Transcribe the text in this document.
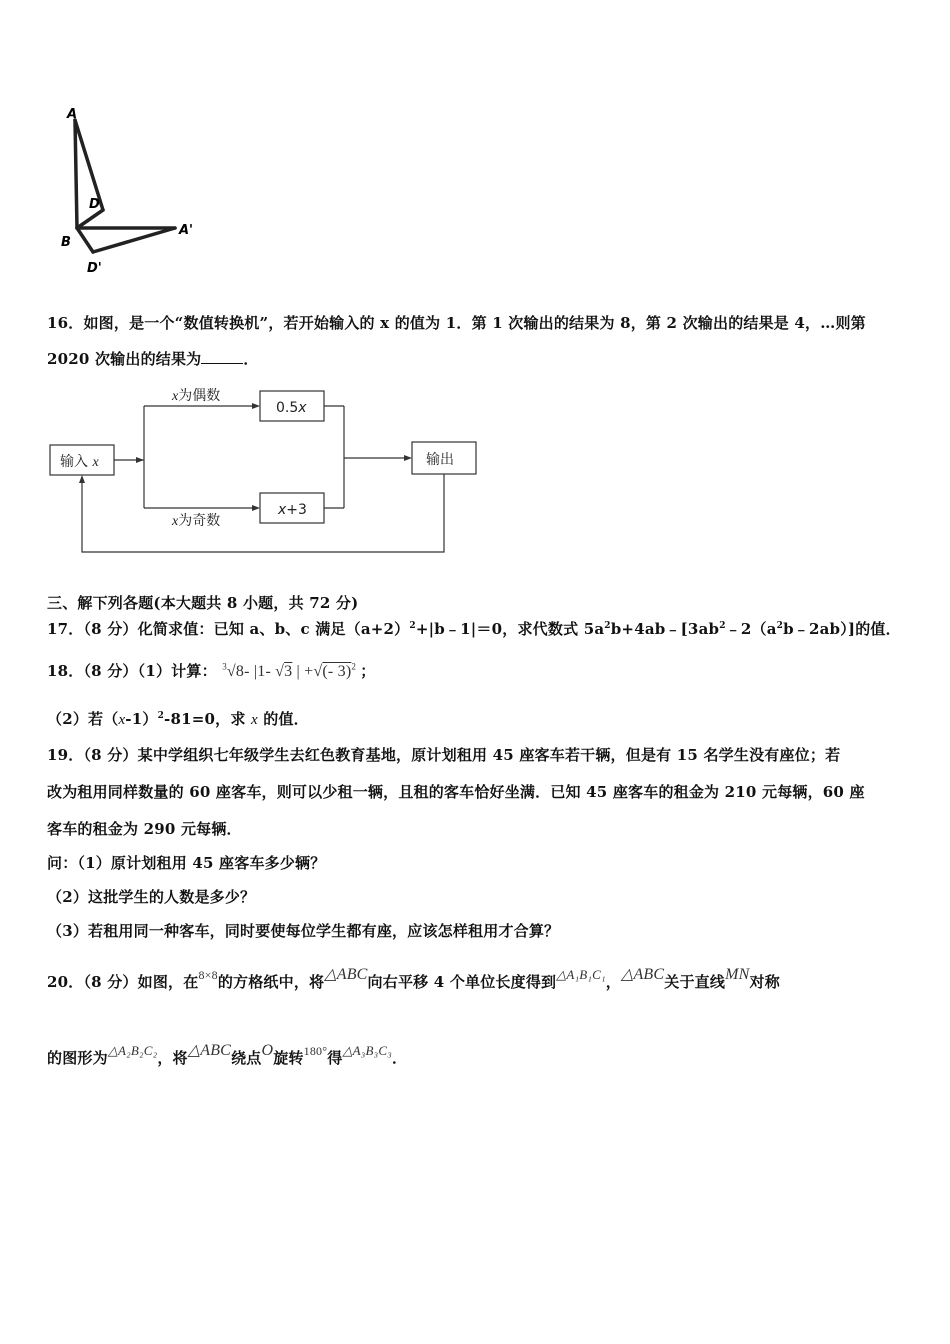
A
D
B
A'
D'
16．如图，是一个“数值转换机”，若开始输入的 x 的值为 1．第 1 次输出的结果为 8，第 2 次输出的结果是 4，…则第
2020 次输出的结果为	．
输入 x
x为偶数
x为奇数
0.5x
x+3
输出
三、解下列各题(本大题共 8 小题，共 72 分)
17．（8 分）化简求值：已知 a、b、c 满足$(a+2)^2+|b﹣1|=0$，求代数式 $5a^2b+4ab﹣[3ab^2﹣2(a^2b﹣2ab)]$的值．
18．（8 分）（1）计算： $^3$√8- |1- √3 | +√(- 3)$^2$ ；
（2）若$(x-1)^2-81=0$，求 x 的值．
19．（8 分）某中学组织七年级学生去红色教育基地，原计划租用 45 座客车若干辆，但是有 15 名学生没有座位；若
改为租用同样数量的 60 座客车，则可以少租一辆，且租的客车恰好坐满．已知 45 座客车的租金为 210 元每辆，60 座
客车的租金为 290 元每辆．
问：（1）原计划租用 45 座客车多少辆？
（2）这批学生的人数是多少？
（3）若租用同一种客车，同时要使每位学生都有座，应该怎样租用才合算？
20．（8 分）如图，在$^{8\times 8}$的方格纸中，将△ABC向右平移 4 个单位长度得到△A₁B₁C₁，△ABC关于直线MN对称
的图形为△A₂B₂C₂，将△ABC绕点O旋转$^{180^\circ}$得△A₃B₃C₃．
